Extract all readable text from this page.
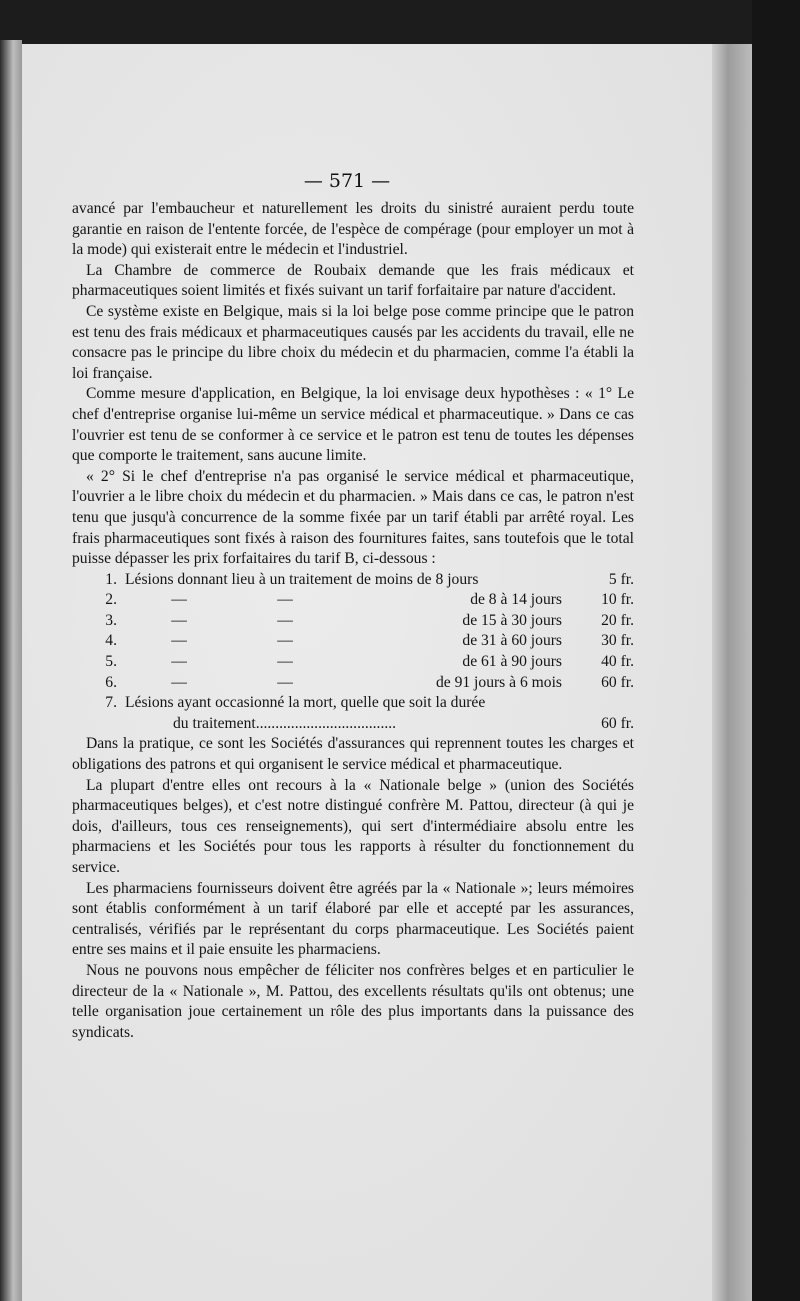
— 571 —

avancé par l'embaucheur et naturellement les droits du sinistré auraient perdu toute garantie en raison de l'entente forcée, de l'espèce de compérage (pour employer un mot à la mode) qui existerait entre le médecin et l'industriel.

La Chambre de commerce de Roubaix demande que les frais médicaux et pharmaceutiques soient limités et fixés suivant un tarif forfaitaire par nature d'accident.

Ce système existe en Belgique, mais si la loi belge pose comme principe que le patron est tenu des frais médicaux et pharmaceutiques causés par les accidents du travail, elle ne consacre pas le principe du libre choix du médecin et du pharmacien, comme l'a établi la loi française.

Comme mesure d'application, en Belgique, la loi envisage deux hypothèses : « 1° Le chef d'entreprise organise lui-même un service médical et pharmaceutique. » Dans ce cas l'ouvrier est tenu de se conformer à ce service et le patron est tenu de toutes les dépenses que comporte le traitement, sans aucune limite.

« 2° Si le chef d'entreprise n'a pas organisé le service médical et pharmaceutique, l'ouvrier a le libre choix du médecin et du pharmacien. » Mais dans ce cas, le patron n'est tenu que jusqu'à concurrence de la somme fixée par un tarif établi par arrêté royal. Les frais pharmaceutiques sont fixés à raison des fournitures faites, sans toutefois que le total puisse dépasser les prix forfaitaires du tarif B, ci-dessous :

1. Lésions donnant lieu à un traitement de moins de 8 jours	5 fr.
2.	—	—	de 8 à 14 jours	10 fr.
3.	—	—	de 15 à 30 jours	20 fr.
4.	—	—	de 31 à 60 jours	30 fr.
5.	—	—	de 61 à 90 jours	40 fr.
6.	—	—	de 91 jours à 6 mois	60 fr.
7. Lésions ayant occasionné la mort, quelle que soit la durée
du traitement....................................	60 fr.

Dans la pratique, ce sont les Sociétés d'assurances qui reprennent toutes les charges et obligations des patrons et qui organisent le service médical et pharmaceutique.

La plupart d'entre elles ont recours à la « Nationale belge » (union des Sociétés pharmaceutiques belges), et c'est notre distingué confrère M. Pattou, directeur (à qui je dois, d'ailleurs, tous ces renseignements), qui sert d'intermédiaire absolu entre les pharmaciens et les Sociétés pour tous les rapports à résulter du fonctionnement du service.

Les pharmaciens fournisseurs doivent être agréés par la « Nationale »; leurs mémoires sont établis conformément à un tarif élaboré par elle et accepté par les assurances, centralisés, vérifiés par le représentant du corps pharmaceutique. Les Sociétés paient entre ses mains et il paie ensuite les pharmaciens.

Nous ne pouvons nous empêcher de féliciter nos confrères belges et en particulier le directeur de la « Nationale », M. Pattou, des excellents résultats qu'ils ont obtenus; une telle organisation joue certainement un rôle des plus importants dans la puissance des syndicats.
